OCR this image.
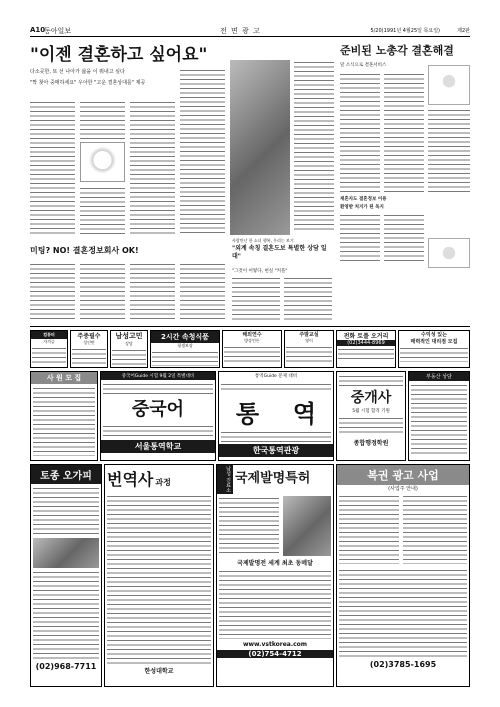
A10
동아일보	전 면 광 고	5/20(1991년 4월25일 목요일)	제2판
"이젠 결혼하고 싶어요"
다소곳한, 또 선 나아가 삶을 이 뤄내고 싶다
"짝 찾아 중매하세요" 우아한 "고운 결혼상대를" 제공
사람만난 한 소녀 행복, 우리는 보기
준비된 노총각 결혼해결
달 소식으로 결혼서비스
재혼자도 결혼정보 이용
환영받 처지가 된 독지
미팅? NO! 결혼정보회사 OK!	"외계 속칭 결혼도보 특별한 상담 일대"
"그것이 어떻다, 현실 "커플"
컴퓨터
자격증
주중필수
성인반
남성고민
상담
2시간 속청식품
평생보장
해외연수
방송언론
주말교실
영어
전화 토플 오거리
(02)3444-8969
수익성 있는
매력적인 대리점 모집
사 원 모 집	중국어Guide 시험 9월 2일 특별대비
중국어
서울통역학교
통역Guide 문제 대비
통 역
한국통역관광
중개사
5월 시험 합격 기원
종합행정학원
부동산 상담
토종 오가피
(02)968-7711
번역사 과정
한성대학교
남성 진료소 국제발명특허
국제발명전 세계 최초 동메달
www.vstkorea.com
(02)754-4712
복권 광고 사업
(사업주 안내)
(02)3785-1695
